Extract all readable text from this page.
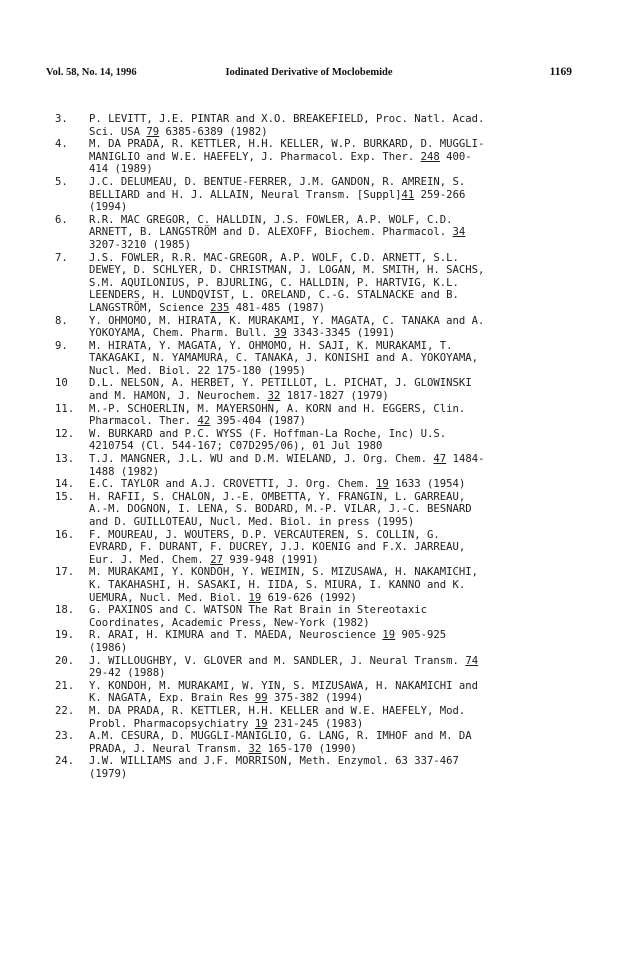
Vol. 58, No. 14, 1996	Iodinated Derivative of Moclobemide	1169
3.	P. LEVITT, J.E. PINTAR and X.O. BREAKEFIELD, Proc. Natl. Acad.
Sci. USA 79 6385-6389 (1982)
4.	M. DA PRADA, R. KETTLER, H.H. KELLER, W.P. BURKARD, D. MUGGLI-
MANIGLIO and W.E. HAEFELY, J. Pharmacol. Exp. Ther. 248 400-
414 (1989)
5.	J.C. DELUMEAU, D. BENTUE-FERRER, J.M. GANDON, R. AMREIN, S.
BELLIARD and H. J. ALLAIN, Neural Transm. [Suppl]41 259-266
(1994)
6.	R.R. MAC GREGOR, C. HALLDIN, J.S. FOWLER, A.P. WOLF, C.D.
ARNETT, B. LANGSTRÖM and D. ALEXOFF, Biochem. Pharmacol. 34
3207-3210 (1985)
7.	J.S. FOWLER, R.R. MAC-GREGOR, A.P. WOLF, C.D. ARNETT, S.L.
DEWEY, D. SCHLYER, D. CHRISTMAN, J. LOGAN, M. SMITH, H. SACHS,
S.M. AQUILONIUS, P. BJURLING, C. HALLDIN, P. HARTVIG, K.L.
LEENDERS, H. LUNDQVIST, L. ORELAND, C.-G. STALNACKE and B.
LANGSTRÖM, Science 235 481-485 (1987)
8.	Y. OHMOMO, M. HIRATA, K. MURAKAMI, Y. MAGATA, C. TANAKA and A.
YOKOYAMA, Chem. Pharm. Bull. 39 3343-3345 (1991)
9.	M. HIRATA, Y. MAGATA, Y. OHMOMO, H. SAJI, K. MURAKAMI, T.
TAKAGAKI, N. YAMAMURA, C. TANAKA, J. KONISHI and A. YOKOYAMA,
Nucl. Med. Biol. 22 175-180 (1995)
10	D.L. NELSON, A. HERBET, Y. PETILLOT, L. PICHAT, J. GLOWINSKI
and M. HAMON, J. Neurochem. 32 1817-1827 (1979)
11.	M.-P. SCHOERLIN, M. MAYERSOHN, A. KORN and H. EGGERS, Clin.
Pharmacol. Ther. 42 395-404 (1987)
12.	W. BURKARD and P.C. WYSS (F. Hoffman-La Roche, Inc) U.S.
4210754 (Cl. 544-167; C07D295/06), 01 Jul 1980
13.	T.J. MANGNER, J.L. WU and D.M. WIELAND, J. Org. Chem. 47 1484-
1488 (1982)
14.	E.C. TAYLOR and A.J. CROVETTI, J. Org. Chem. 19 1633 (1954)
15.	H. RAFII, S. CHALON, J.-E. OMBETTA, Y. FRANGIN, L. GARREAU,
A.-M. DOGNON, I. LENA, S. BODARD, M.-P. VILAR, J.-C. BESNARD
and D. GUILLOTEAU, Nucl. Med. Biol. in press (1995)
16.	F. MOUREAU, J. WOUTERS, D.P. VERCAUTEREN, S. COLLIN, G.
EVRARD, F. DURANT, F. DUCREY, J.J. KOENIG and F.X. JARREAU,
Eur. J. Med. Chem. 27 939-948 (1991)
17.	M. MURAKAMI, Y. KONDOH, Y. WEIMIN, S. MIZUSAWA, H. NAKAMICHI,
K. TAKAHASHI, H. SASAKI, H. IIDA, S. MIURA, I. KANNO and K.
UEMURA, Nucl. Med. Biol. 19 619-626 (1992)
18.	G. PAXINOS and C. WATSON The Rat Brain in Stereotaxic
Coordinates, Academic Press, New-York (1982)
19.	R. ARAI, H. KIMURA and T. MAEDA, Neuroscience 19 905-925
(1986)
20.	J. WILLOUGHBY, V. GLOVER and M. SANDLER, J. Neural Transm. 74
29-42 (1988)
21.	Y. KONDOH, M. MURAKAMI, W. YIN, S. MIZUSAWA, H. NAKAMICHI and
K. NAGATA, Exp. Brain Res 99 375-382 (1994)
22.	M. DA PRADA, R. KETTLER, H.H. KELLER and W.E. HAEFELY, Mod.
Probl. Pharmacopsychiatry 19 231-245 (1983)
23.	A.M. CESURA, D. MUGGLI-MANIGLIO, G. LANG, R. IMHOF and M. DA
PRADA, J. Neural Transm. 32 165-170 (1990)
24.	J.W. WILLIAMS and J.F. MORRISON, Meth. Enzymol. 63 337-467
(1979)
